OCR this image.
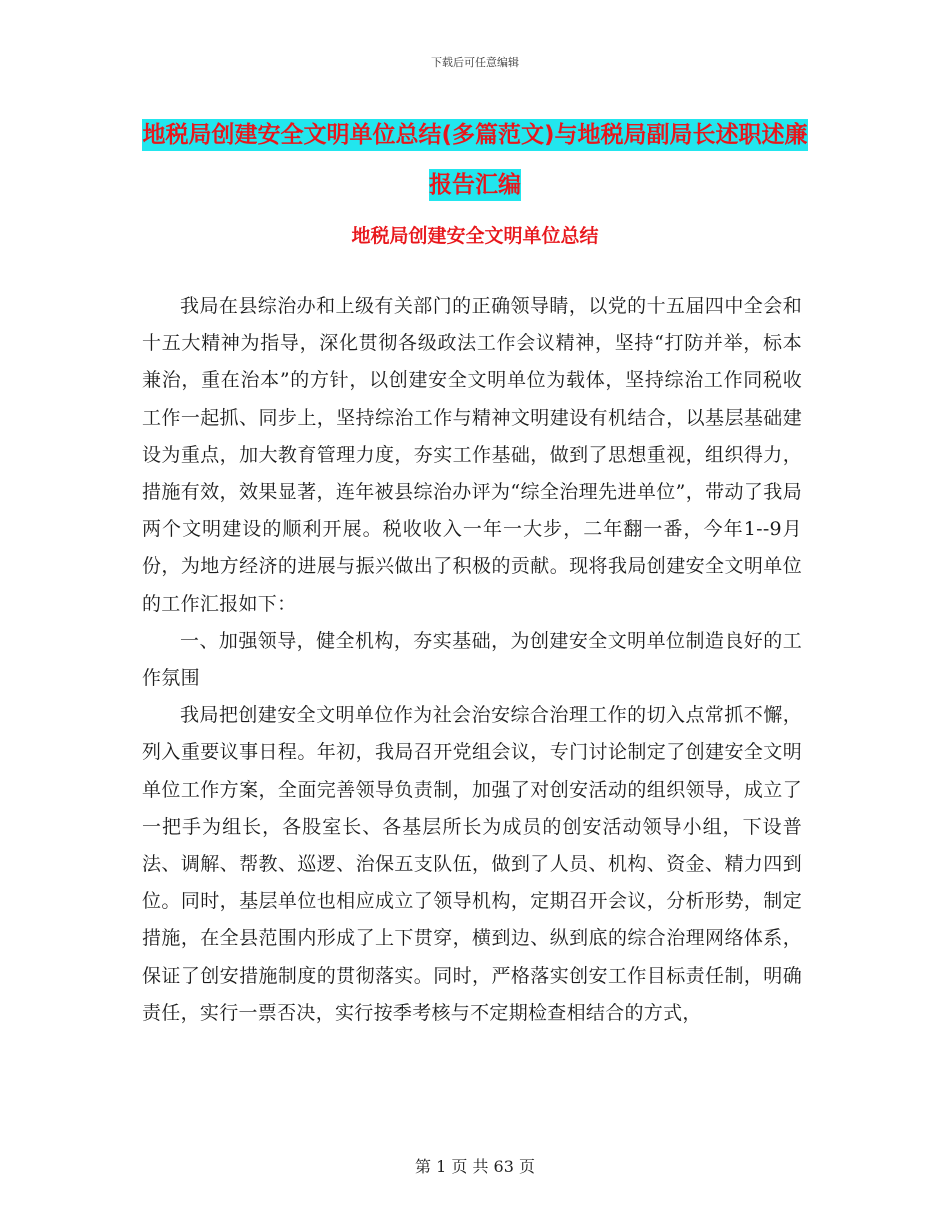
下载后可任意编辑
地税局创建安全文明单位总结(多篇范文)与地税局副局长述职述廉报告汇编
地税局创建安全文明单位总结

我局在县综治办和上级有关部门的正确领导睛，以党的十五届四中全会和十五大精神为指导，深化贯彻各级政法工作会议精神，坚持“打防并举，标本兼治，重在治本”的方针，以创建安全文明单位为载体，坚持综治工作同税收工作一起抓、同步上，坚持综治工作与精神文明建设有机结合，以基层基础建设为重点，加大教育管理力度，夯实工作基础，做到了思想重视，组织得力，措施有效，效果显著，连年被县综治办评为“综全治理先进单位”，带动了我局两个文明建设的顺利开展。税收收入一年一大步，二年翻一番，今年1--9月份，为地方经济的进展与振兴做出了积极的贡献。现将我局创建安全文明单位的工作汇报如下：

一、加强领导，健全机构，夯实基础，为创建安全文明单位制造良好的工作氛围

我局把创建安全文明单位作为社会治安综合治理工作的切入点常抓不懈，列入重要议事日程。年初，我局召开党组会议，专门讨论制定了创建安全文明单位工作方案，全面完善领导负责制，加强了对创安活动的组织领导，成立了一把手为组长，各股室长、各基层所长为成员的创安活动领导小组，下设普法、调解、帮教、巡逻、治保五支队伍，做到了人员、机构、资金、精力四到位。同时，基层单位也相应成立了领导机构，定期召开会议，分析形势，制定措施，在全县范围内形成了上下贯穿，横到边、纵到底的综合治理网络体系，保证了创安措施制度的贯彻落实。同时，严格落实创安工作目标责任制，明确责任，实行一票否决，实行按季考核与不定期检查相结合的方式，

第 1 页 共 63 页
